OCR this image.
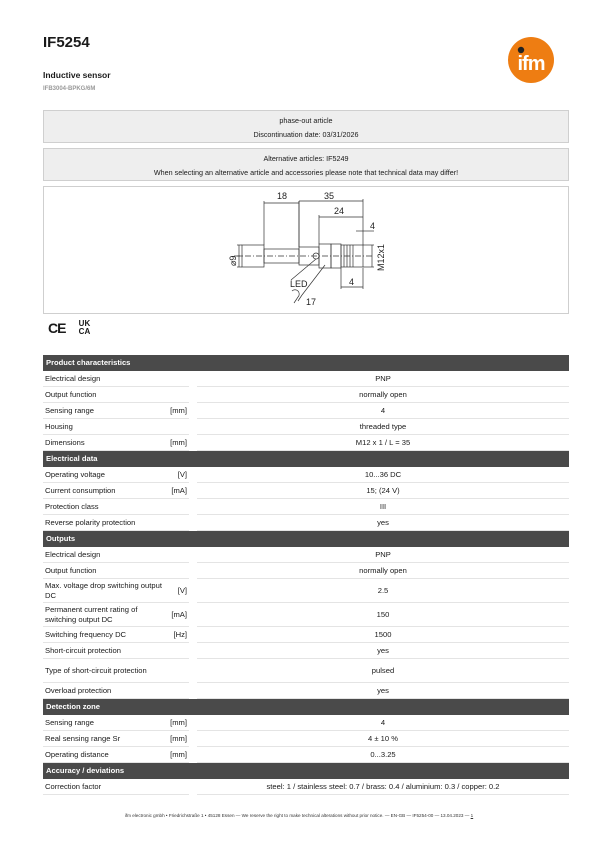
IF5254
Inductive sensor
IFB3004-BPKG/6M
ifm
phase-out article
Discontinuation date: 03/31/2026
Alternative articles: IF5249
When selecting an alternative article and accessories please note that technical data may differ!
18	35
24
4
M12x1
⌀9
LED
17
4
CE	UK
CA
Product characteristics
Electrical design	PNP
Output function	normally open
Sensing range	[mm]	4
Housing	threaded type
Dimensions	[mm]	M12 x 1 / L = 35
Electrical data
Operating voltage	[V]	10...36 DC
Current consumption	[mA]	15; (24 V)
Protection class	III
Reverse polarity protection	yes
Outputs
Electrical design	PNP
Output function	normally open
Max. voltage drop switching output DC	[V]	2.5
Permanent current rating of switching output DC	[mA]	150
Switching frequency DC	[Hz]	1500
Short-circuit protection	yes
Type of short-circuit protection	pulsed
Overload protection	yes
Detection zone
Sensing range	[mm]	4
Real sensing range Sr	[mm]	4 ± 10 %
Operating distance	[mm]	0...3.25
Accuracy / deviations
Correction factor	steel: 1 / stainless steel: 0.7 / brass: 0.4 / aluminium: 0.3 / copper: 0.2
ifm electronic gmbh • Friedrichstraße 1 • 45128 Essen — We reserve the right to make technical alterations without prior notice. — EN-GB — IF5254-00 — 13.04.2023 — 1
